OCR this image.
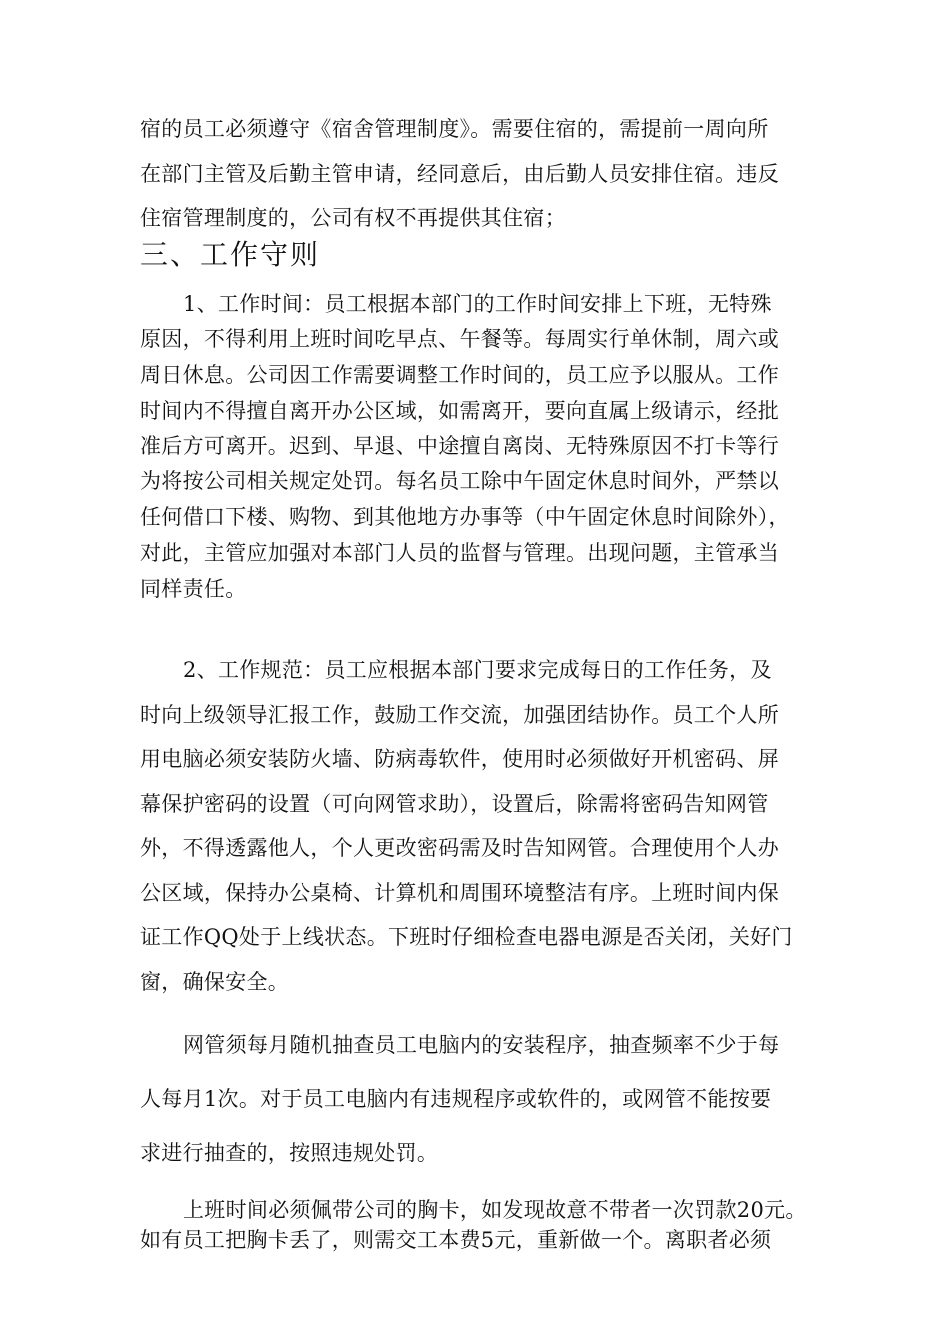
宿的员工必须遵守《宿舍管理制度》。需要住宿的，需提前一周向所
在部门主管及后勤主管申请，经同意后，由后勤人员安排住宿。违反
住宿管理制度的，公司有权不再提供其住宿；
三、工作守则
1、工作时间：员工根据本部门的工作时间安排上下班，无特殊
原因，不得利用上班时间吃早点、午餐等。每周实行单休制，周六或
周日休息。公司因工作需要调整工作时间的，员工应予以服从。工作
时间内不得擅自离开办公区域，如需离开，要向直属上级请示，经批
准后方可离开。迟到、早退、中途擅自离岗、无特殊原因不打卡等行
为将按公司相关规定处罚。每名员工除中午固定休息时间外，严禁以
任何借口下楼、购物、到其他地方办事等（中午固定休息时间除外），
对此，主管应加强对本部门人员的监督与管理。出现问题，主管承当
同样责任。
2、工作规范：员工应根据本部门要求完成每日的工作任务，及
时向上级领导汇报工作，鼓励工作交流，加强团结协作。员工个人所
用电脑必须安装防火墙、防病毒软件，使用时必须做好开机密码、屏
幕保护密码的设置（可向网管求助），设置后，除需将密码告知网管
外，不得透露他人，个人更改密码需及时告知网管。合理使用个人办
公区域，保持办公桌椅、计算机和周围环境整洁有序。上班时间内保
证工作QQ处于上线状态。下班时仔细检查电器电源是否关闭，关好门
窗，确保安全。
网管须每月随机抽查员工电脑内的安装程序，抽查频率不少于每
人每月1次。对于员工电脑内有违规程序或软件的，或网管不能按要
求进行抽查的，按照违规处罚。
上班时间必须佩带公司的胸卡，如发现故意不带者一次罚款20元。
如有员工把胸卡丢了，则需交工本费5元，重新做一个。离职者必须
